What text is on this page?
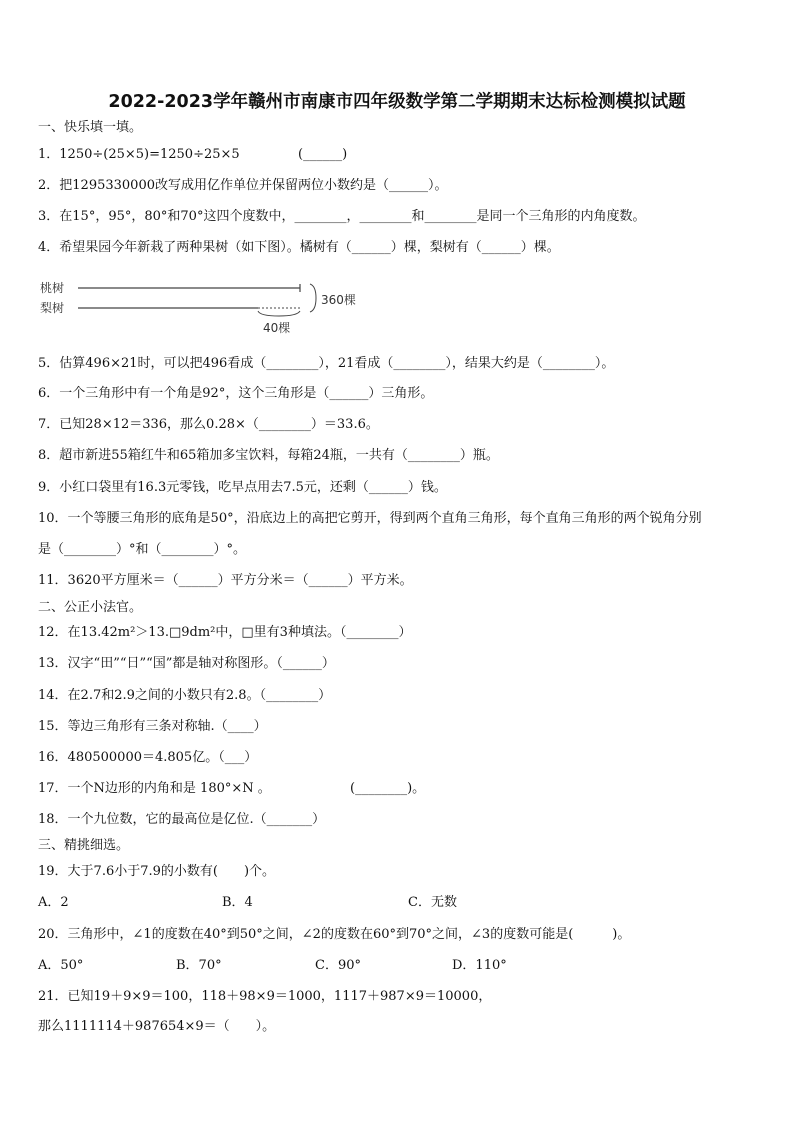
2022-2023学年赣州市南康市四年级数学第二学期期末达标检测模拟试题
一、快乐填一填。
1．1250÷(25×5)=1250÷25×5	(______)
2．把1295330000改写成用亿作单位并保留两位小数约是（______）。
3．在15°，95°，80°和70°这四个度数中，________，________和________是同一个三角形的内角度数。
4．希望果园今年新栽了两种果树（如下图）。橘树有（______）棵，梨树有（______）棵。
桃树
梨树
360棵
40棵
5．估算496×21时，可以把496看成（________），21看成（________），结果大约是（________）。
6．一个三角形中有一个角是92°，这个三角形是（______）三角形。
7．已知28×12＝336，那么0.28×（________）＝33.6。
8．超市新进55箱红牛和65箱加多宝饮料，每箱24瓶，一共有（________）瓶。
9．小红口袋里有16.3元零钱，吃早点用去7.5元，还剩（______）钱。
10．一个等腰三角形的底角是50°，沿底边上的高把它剪开，得到两个直角三角形，每个直角三角形的两个锐角分别
是（________）°和（________）°。
11．3620平方厘米＝（______）平方分米＝（______）平方米。
二、公正小法官。
12．在13.42m²＞13.□9dm²中，□里有3种填法。（________）
13．汉字“田”“日”“国”都是轴对称图形。（______）
14．在2.7和2.9之间的小数只有2.8。（________）
15．等边三角形有三条对称轴.（____）
16．480500000＝4.805亿。（___）
17．一个N边形的内角和是 180°×N 。	(________)。
18．一个九位数，它的最高位是亿位.（_______）
三、精挑细选。
19．大于7.6小于7.9的小数有(　　)个。
A．2	B．4	C．无数
20．三角形中，∠1的度数在40°到50°之间，∠2的度数在60°到70°之间，∠3的度数可能是(　　　)。
A．50°	B．70°	C．90°	D．110°
21．已知19＋9×9＝100，118＋98×9＝1000，1117＋987×9＝10000，
那么1111114＋987654×9＝（　　）。
